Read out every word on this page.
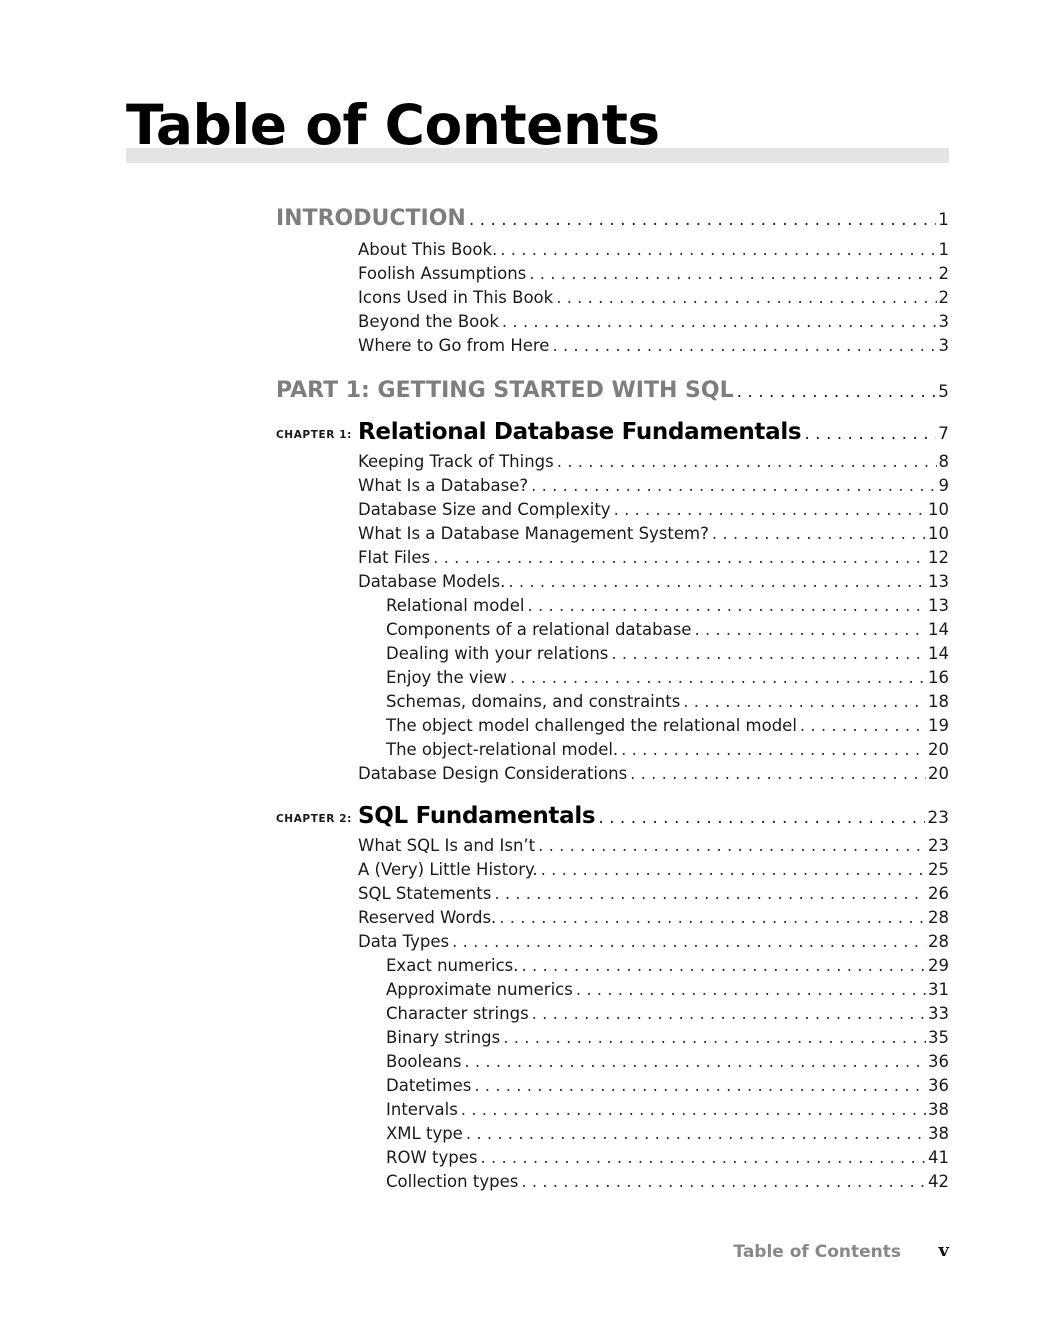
Table of Contents
INTRODUCTION . . .	1
About This Book. . . .	1
Foolish Assumptions . . .	2
Icons Used in This Book . . .	2
Beyond the Book . . .	3
Where to Go from Here . . .	3
PART 1: GETTING STARTED WITH SQL . . .	5
CHAPTER 1: Relational Database Fundamentals . . .	7
Keeping Track of Things . . .	8
What Is a Database? . . .	9
Database Size and Complexity . . .	10
What Is a Database Management System? . . .	10
Flat Files . . .	12
Database Models. . . .	13
Relational model . . .	13
Components of a relational database . . .	14
Dealing with your relations . . .	14
Enjoy the view . . .	16
Schemas, domains, and constraints . . .	18
The object model challenged the relational model . . .	19
The object-relational model. . . .	20
Database Design Considerations . . .	20
CHAPTER 2: SQL Fundamentals . . .	23
What SQL Is and Isn’t . . .	23
A (Very) Little History. . . .	25
SQL Statements . . .	26
Reserved Words. . . .	28
Data Types . . .	28
Exact numerics. . . .	29
Approximate numerics . . .	31
Character strings . . .	33
Binary strings . . .	35
Booleans . . .	36
Datetimes . . .	36
Intervals . . .	38
XML type . . .	38
ROW types . . .	41
Collection types . . .	42
Table of Contents	v
